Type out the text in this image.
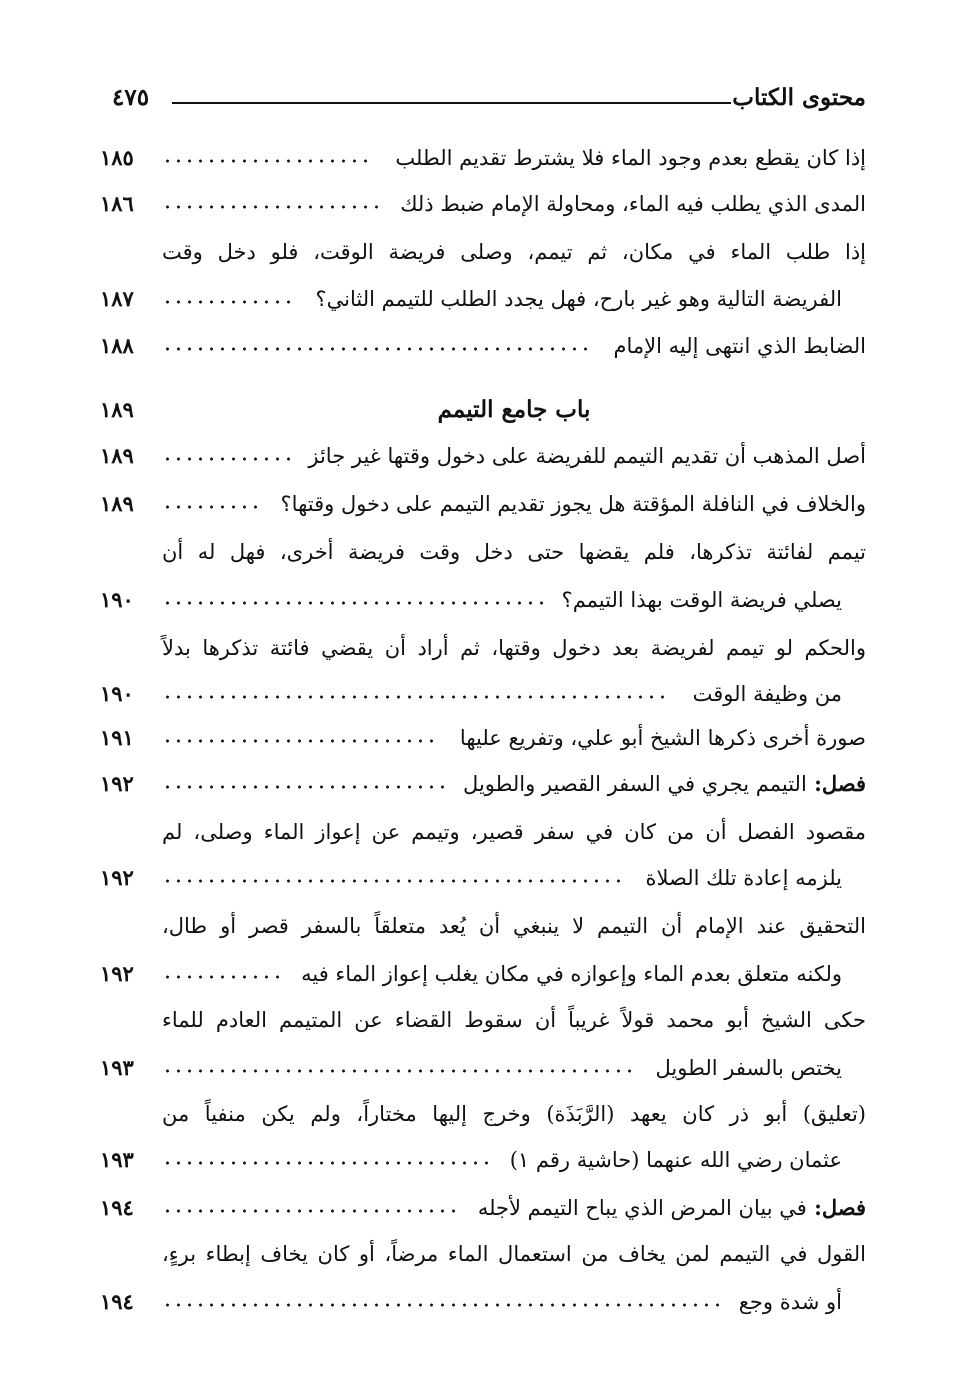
محتوى الكتاب
٤٧٥
إذا كان يقطع بعدم وجود الماء فلا يشترط تقديم الطلب
١٨٥
المدى الذي يطلب فيه الماء، ومحاولة الإمام ضبط ذلك
١٨٦
إذا طلب الماء في مكان، ثم تيمم، وصلى فريضة الوقت، فلو دخل وقت
الفريضة التالية وهو غير بارح، فهل يجدد الطلب للتيمم الثاني؟
١٨٧
الضابط الذي انتهى إليه الإمام
١٨٨
باب جامع التيمم
١٨٩
أصل المذهب أن تقديم التيمم للفريضة على دخول وقتها غير جائز
١٨٩
والخلاف في النافلة المؤقتة هل يجوز تقديم التيمم على دخول وقتها؟
١٨٩
تيمم لفائتة تذكرها، فلم يقضها حتى دخل وقت فريضة أخرى، فهل له أن
يصلي فريضة الوقت بهذا التيمم؟
١٩٠
والحكم لو تيمم لفريضة بعد دخول وقتها، ثم أراد أن يقضي فائتة تذكرها بدلاً
من وظيفة الوقت
١٩٠
صورة أخرى ذكرها الشيخ أبو علي، وتفريع عليها
١٩١
فصل: التيمم يجري في السفر القصير والطويل
١٩٢
مقصود الفصل أن من كان في سفر قصير، وتيمم عن إعواز الماء وصلى، لم
يلزمه إعادة تلك الصلاة
١٩٢
التحقيق عند الإمام أن التيمم لا ينبغي أن يُعد متعلقاً بالسفر قصر أو طال،
ولكنه متعلق بعدم الماء وإعوازه في مكان يغلب إعواز الماء فيه
١٩٢
حكى الشيخ أبو محمد قولاً غريباً أن سقوط القضاء عن المتيمم العادم للماء
يختص بالسفر الطويل
١٩٣
(تعليق) أبو ذر كان يعهد (الرَّبَذَة) وخرج إليها مختاراً، ولم يكن منفياً من
عثمان رضي الله عنهما (حاشية رقم ١)
١٩٣
فصل: في بيان المرض الذي يباح التيمم لأجله
١٩٤
القول في التيمم لمن يخاف من استعمال الماء مرضاً، أو كان يخاف إبطاء برءٍ،
أو شدة وجع
١٩٤
